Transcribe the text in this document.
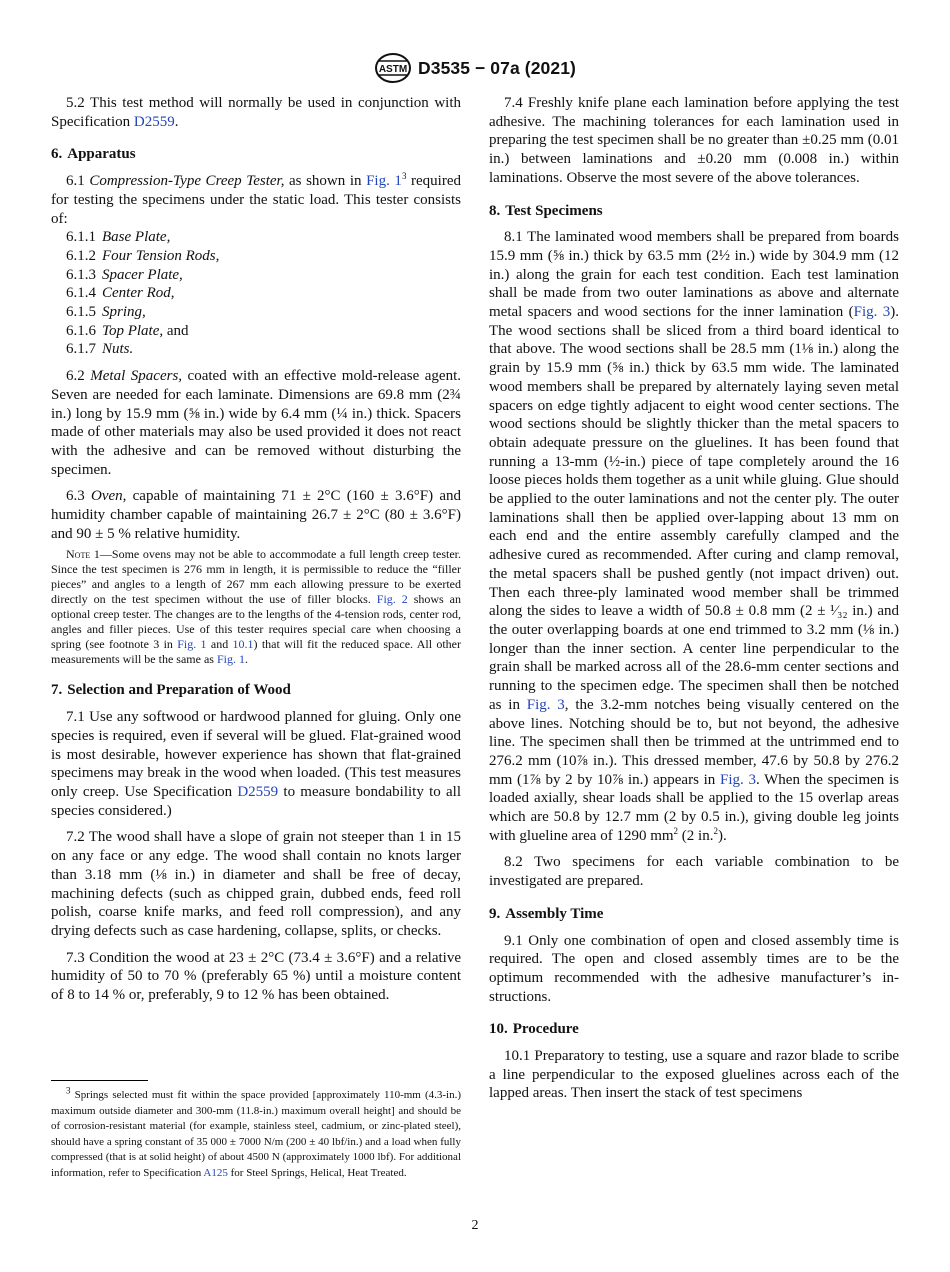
ASTM D3535 − 07a (2021)

5.2 This test method will normally be used in conjunction with Specification D2559.

6. Apparatus

6.1 Compression-Type Creep Tester, as shown in Fig. $1^3$ required for testing the specimens under the static load. This tester consists of:

6.1.1 Base Plate,
6.1.2 Four Tension Rods,
6.1.3 Spacer Plate,
6.1.4 Center Rod,
6.1.5 Spring,
6.1.6 Top Plate, and
6.1.7 Nuts.

6.2 Metal Spacers, coated with an effective mold-release agent. Seven are needed for each laminate. Dimensions are 69.8 mm (2¾ in.) long by 15.9 mm (⅝ in.) wide by 6.4 mm (¼ in.) thick. Spacers made of other materials may also be used provided it does not react with the adhesive and can be removed without disturbing the specimen.

6.3 Oven, capable of maintaining 71 ± 2°C (160 ± 3.6°F) and humidity chamber capable of maintaining 26.7 ± 2°C (80 ± 3.6°F) and 90 ± 5 % relative humidity.

Note 1—Some ovens may not be able to accommodate a full length creep tester. Since the test specimen is 276 mm in length, it is permissible to reduce the “filler pieces” and angles to a length of 267 mm each allowing pressure to be exerted directly on the test specimen without the use of filler blocks. Fig. 2 shows an optional creep tester. The changes are to the lengths of the 4-tension rods, center rod, angles and filler pieces. Use of this tester requires special care when choosing a spring (see footnote 3 in Fig. 1 and 10.1) that will fit the reduced space. All other measurements will be the same as Fig. 1.
7. Selection and Preparation of Wood

7.1 Use any softwood or hardwood planned for gluing. Only one species is required, even if several will be glued. Flat-grained wood is most desirable, however experience has shown that flat-grained specimens may break in the wood when loaded. (This test measures only creep. Use Specification D2559 to measure bondability to all species considered.)

7.2 The wood shall have a slope of grain not steeper than 1 in 15 on any face or any edge. The wood shall contain no knots larger than 3.18 mm (⅛ in.) in diameter and shall be free of decay, machining defects (such as chipped grain, dubbed ends, feed roll polish, coarse knife marks, and feed roll compression), and any drying defects such as case hardening, collapse, splits, or checks.

7.3 Condition the wood at 23 ± 2°C (73.4 ± 3.6°F) and a relative humidity of 50 to 70 % (preferably 65 %) until a moisture content of 8 to 14 % or, preferably, 9 to 12 % has been obtained.

$^3$ Springs selected must fit within the space provided [approximately 110-mm (4.3-in.) maximum outside diameter and 300-mm (11.8-in.) maximum overall height] and should be of corrosion-resistant material (for example, stainless steel, cadmium, or zinc-plated steel), should have a spring constant of 35 000 ± 7000 N/m (200 ± 40 lbf/in.) and a load when fully compressed (that is at solid height) of about 4500 N (approximately 1000 lbf). For additional information, refer to Specification A125 for Steel Springs, Helical, Heat Treated.

7.4 Freshly knife plane each lamination before applying the test adhesive. The machining tolerances for each lamination used in preparing the test specimen shall be no greater than ±0.25 mm (0.01 in.) between laminations and ±0.20 mm (0.008 in.) within laminations. Observe the most severe of the above tolerances.

8. Test Specimens

8.1 The laminated wood members shall be prepared from boards 15.9 mm (⅝ in.) thick by 63.5 mm (2½ in.) wide by 304.9 mm (12 in.) along the grain for each test condition. Each test lamination shall be made from two outer laminations as above and alternate metal spacers and wood sections for the inner lamination (Fig. 3). The wood sections shall be sliced from a third board identical to that above. The wood sections shall be 28.5 mm (1⅛ in.) along the grain by 15.9 mm (⅝ in.) thick by 63.5 mm wide. The laminated wood members shall be prepared by alternately laying seven metal spacers on edge tightly adjacent to eight wood center sections. The wood sections should be slightly thicker than the metal spacers to obtain adequate pressure on the gluelines. It has been found that running a 13-mm (½-in.) piece of tape completely around the 16 loose pieces holds them together as a unit while gluing. Glue should be applied to the outer laminations and not the center ply. The outer laminations shall then be applied over-lapping about 13 mm on each end and the entire assembly carefully clamped and the adhesive cured as recommended. After curing and clamp removal, the metal spacers shall be pushed gently (not impact driven) out. Then each three-ply laminated wood member shall be trimmed along the sides to leave a width of 50.8 ± 0.8 mm (2 ± ¹⁄₃₂ in.) and the outer overlapping boards at one end trimmed to 3.2 mm (⅛ in.) longer than the inner section. A center line perpendicular to the grain shall be marked across all of the 28.6-mm center sections and running to the specimen edge. The specimen shall then be notched as in Fig. 3, the 3.2-mm notches being visually centered on the above lines. Notching should be to, but not beyond, the adhesive line. The specimen shall then be trimmed at the untrimmed end to 276.2 mm (10⅞ in.). This dressed member, 47.6 by 50.8 by 276.2 mm (1⅞ by 2 by 10⅞ in.) appears in Fig. 3. When the specimen is loaded axially, shear loads shall be applied to the 15 overlap areas which are 50.8 by 12.7 mm (2 by 0.5 in.), giving double leg joints with glueline area of 1290 $mm^2$ (2 in.$^2$).

8.2 Two specimens for each variable combination to be investigated are prepared.

9. Assembly Time

9.1 Only one combination of open and closed assembly time is required. The open and closed assembly times are to be the optimum recommended with the adhesive manufacturer’s in-structions.

10. Procedure

10.1 Preparatory to testing, use a square and razor blade to scribe a line perpendicular to the exposed gluelines across each of the lapped areas. Then insert the stack of test specimens

2
